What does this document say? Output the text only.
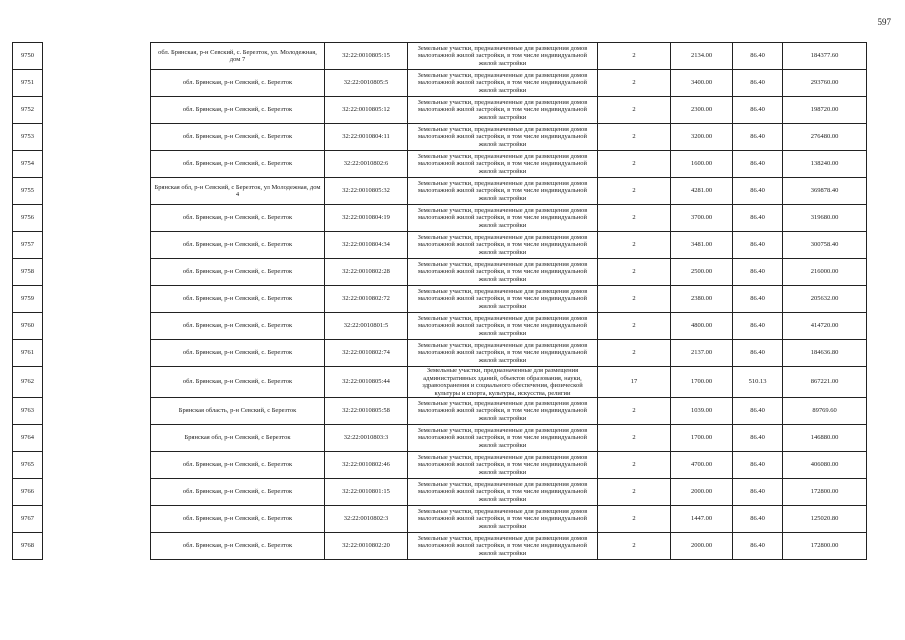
597
9750		обл. Брянская, р-н Севский, с. Березток, ул. Молодежная, дом 7	32:22:0010805:15	Земельные участки, предназначенные для размещения домов малоэтажной жилой застройки, в том числе индивидуальной жилой застройки	2	2134.00	86.40	184377.60
9751		обл. Брянская, р-н Севский, с. Березток	32:22:0010805:5	Земельные участки, предназначенные для размещения домов малоэтажной жилой застройки, в том числе индивидуальной жилой застройки	2	3400.00	86.40	293760.00
9752		обл. Брянская, р-н Севский, с. Березток	32:22:0010805:12	Земельные участки, предназначенные для размещения домов малоэтажной жилой застройки, в том числе индивидуальной жилой застройки	2	2300.00	86.40	198720.00
9753		обл. Брянская, р-н Севский, с. Березток	32:22:0010804:11	Земельные участки, предназначенные для размещения домов малоэтажной жилой застройки, в том числе индивидуальной жилой застройки	2	3200.00	86.40	276480.00
9754		обл. Брянская, р-н Севский, с. Березток	32:22:0010802:6	Земельные участки, предназначенные для размещения домов малоэтажной жилой застройки, в том числе индивидуальной жилой застройки	2	1600.00	86.40	138240.00
9755		Брянская обл, р-н Севский, с Березток, ул Молодежная, дом 4	32:22:0010805:32	Земельные участки, предназначенные для размещения домов малоэтажной жилой застройки, в том числе индивидуальной жилой застройки	2	4281.00	86.40	369878.40
9756		обл. Брянская, р-н Севский, с. Березток	32:22:0010804:19	Земельные участки, предназначенные для размещения домов малоэтажной жилой застройки, в том числе индивидуальной жилой застройки	2	3700.00	86.40	319680.00
9757		обл. Брянская, р-н Севский, с. Березток	32:22:0010804:34	Земельные участки, предназначенные для размещения домов малоэтажной жилой застройки, в том числе индивидуальной жилой застройки	2	3481.00	86.40	300758.40
9758		обл. Брянская, р-н Севский, с. Березток	32:22:0010802:28	Земельные участки, предназначенные для размещения домов малоэтажной жилой застройки, в том числе индивидуальной жилой застройки	2	2500.00	86.40	216000.00
9759		обл. Брянская, р-н Севский, с. Березток	32:22:0010802:72	Земельные участки, предназначенные для размещения домов малоэтажной жилой застройки, в том числе индивидуальной жилой застройки	2	2380.00	86.40	205632.00
9760		обл. Брянская, р-н Севский, с. Березток	32:22:0010801:5	Земельные участки, предназначенные для размещения домов малоэтажной жилой застройки, в том числе индивидуальной жилой застройки	2	4800.00	86.40	414720.00
9761		обл. Брянская, р-н Севский, с. Березток	32:22:0010802:74	Земельные участки, предназначенные для размещения домов малоэтажной жилой застройки, в том числе индивидуальной жилой застройки	2	2137.00	86.40	184636.80
9762		обл. Брянская, р-н Севский, с. Березток	32:22:0010805:44	Земельные участки, предназначенные для размещения административных зданий, объектов образования, науки, здравоохранения и социального обеспечения, физической культуры и спорта, культуры, искусства, религии	17	1700.00	510.13	867221.00
9763		Брянская область, р-н Севский, с Березток	32:22:0010805:58	Земельные участки, предназначенные для размещения домов малоэтажной жилой застройки, в том числе индивидуальной жилой застройки	2	1039.00	86.40	89769.60
9764		Брянская обл, р-н Севский, с Березток	32:22:0010803:3	Земельные участки, предназначенные для размещения домов малоэтажной жилой застройки, в том числе индивидуальной жилой застройки	2	1700.00	86.40	146880.00
9765		обл. Брянская, р-н Севский, с. Березток	32:22:0010802:46	Земельные участки, предназначенные для размещения домов малоэтажной жилой застройки, в том числе индивидуальной жилой застройки	2	4700.00	86.40	406080.00
9766		обл. Брянская, р-н Севский, с. Березток	32:22:0010801:15	Земельные участки, предназначенные для размещения домов малоэтажной жилой застройки, в том числе индивидуальной жилой застройки	2	2000.00	86.40	172800.00
9767		обл. Брянская, р-н Севский, с. Березток	32:22:0010802:3	Земельные участки, предназначенные для размещения домов малоэтажной жилой застройки, в том числе индивидуальной жилой застройки	2	1447.00	86.40	125020.80
9768		обл. Брянская, р-н Севский, с. Березток	32:22:0010802:20	Земельные участки, предназначенные для размещения домов малоэтажной жилой застройки, в том числе индивидуальной жилой застройки	2	2000.00	86.40	172800.00
